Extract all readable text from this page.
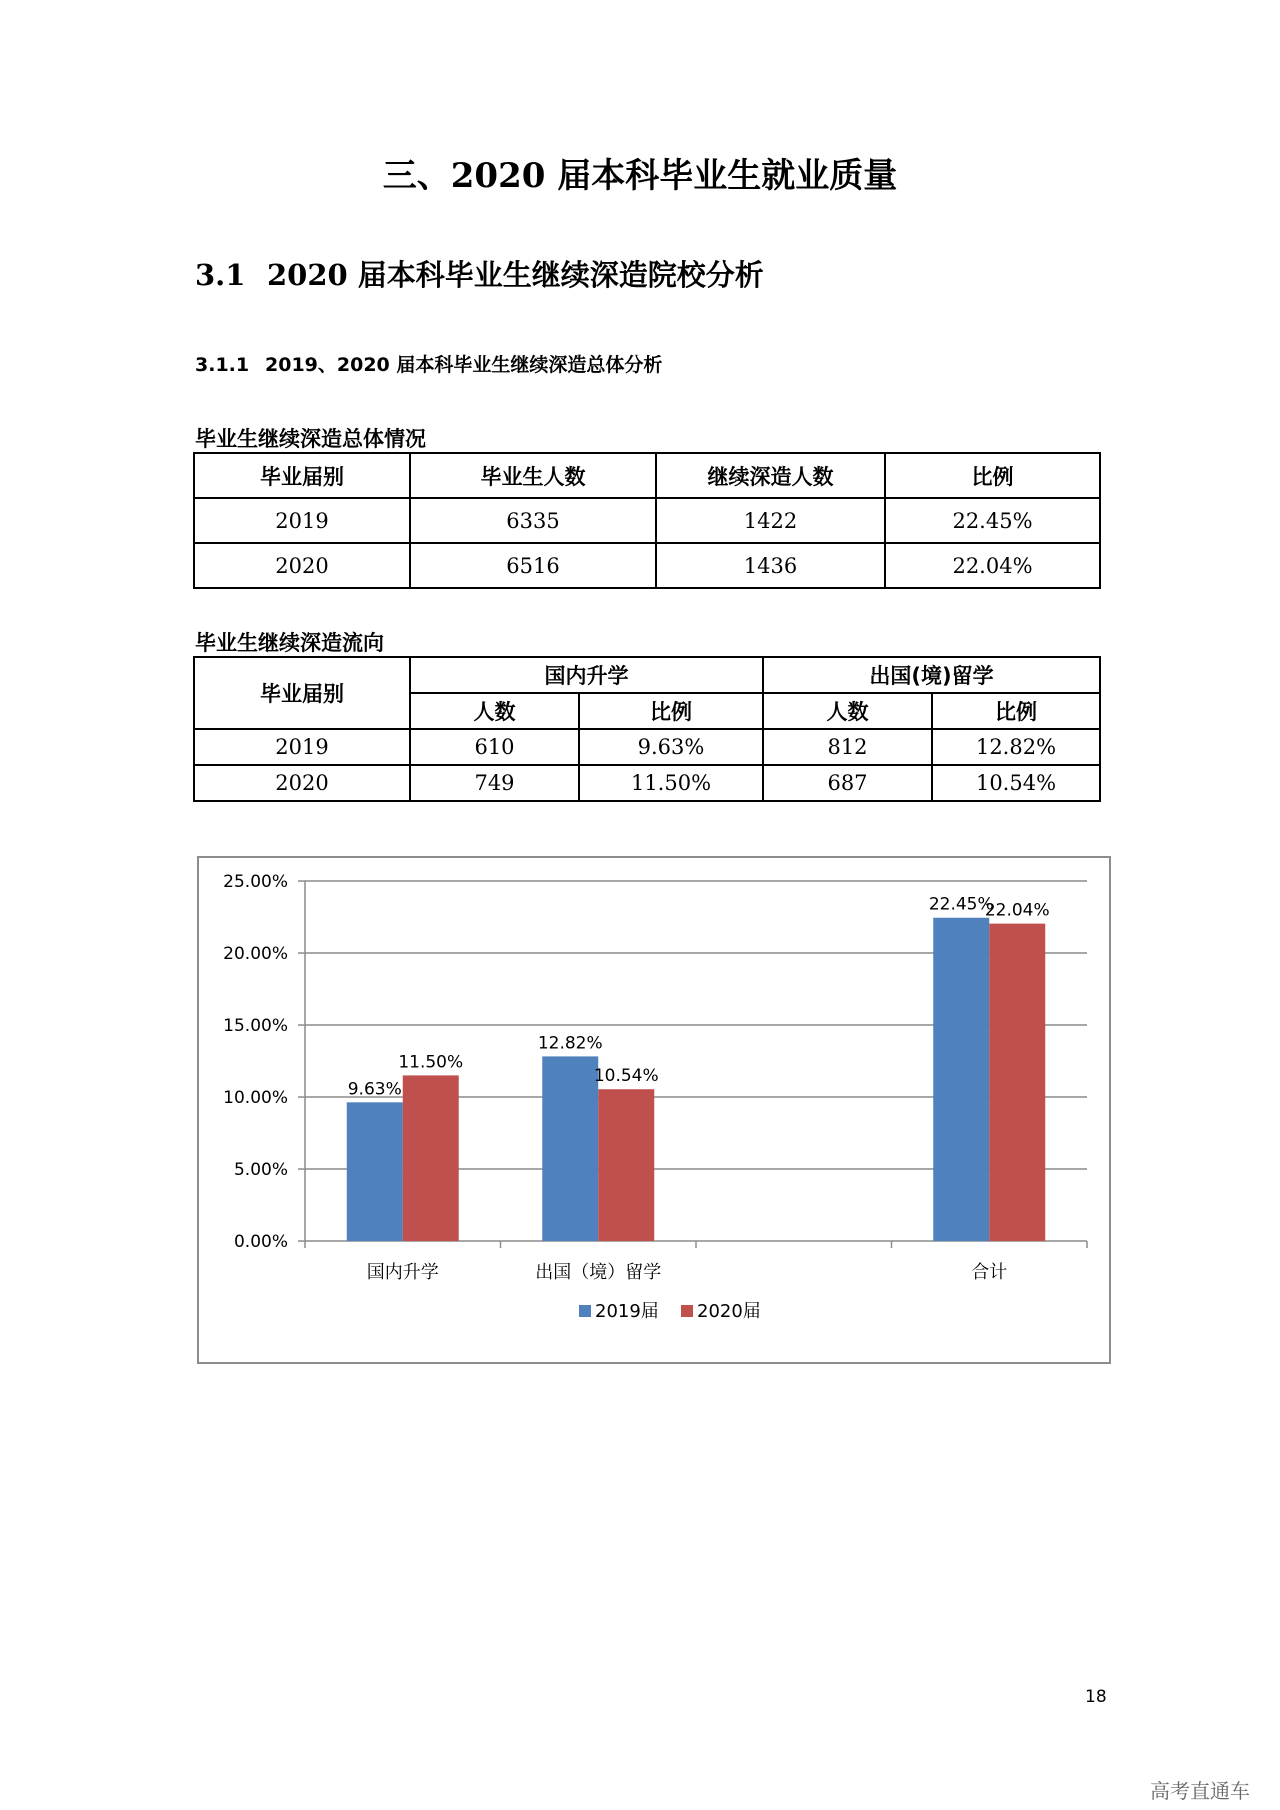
三、2020 届本科毕业生就业质量
3.1 2020 届本科毕业生继续深造院校分析
3.1.1 2019、2020 届本科毕业生继续深造总体分析
毕业生继续深造总体情况
毕业届别	毕业生人数	继续深造人数	比例
2019	6335	1422	22.45%
2020	6516	1436	22.04%
毕业生继续深造流向
毕业届别	国内升学		出国(境)留学	
	人数	比例	人数	比例
2019	610	9.63%	812	12.82%
2020	749	11.50%	687	10.54%
0.00%
5.00%
10.00%
15.00%
20.00%
25.00%
国内升学
9.63%
11.50%
出国（境）留学
12.82%
10.54%
合计
22.45%
22.04%
2019届 2020届
18
高考直通车
